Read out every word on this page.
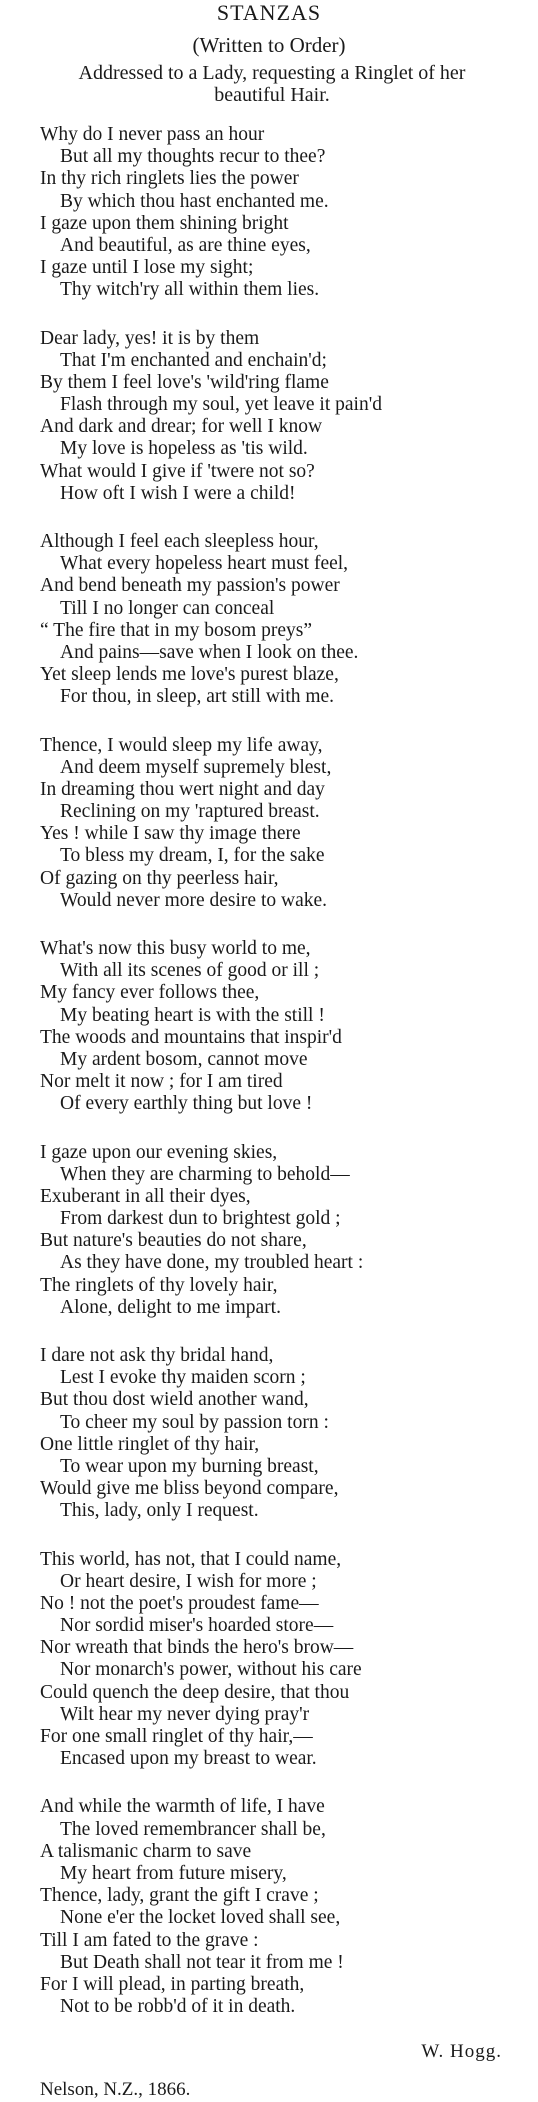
STANZAS
(Written to Order)
Addressed to a Lady, requesting a Ringlet of her
beautiful Hair.
Why do I never pass an hour
But all my thoughts recur to thee?
In thy rich ringlets lies the power
By which thou hast enchanted me.
I gaze upon them shining bright
And beautiful, as are thine eyes,
I gaze until I lose my sight;
Thy witch'ry all within them lies.
Dear lady, yes! it is by them
That I'm enchanted and enchain'd;
By them I feel love's 'wild'ring flame
Flash through my soul, yet leave it pain'd
And dark and drear; for well I know
My love is hopeless as 'tis wild.
What would I give if 'twere not so?
How oft I wish I were a child!
Although I feel each sleepless hour,
What every hopeless heart must feel,
And bend beneath my passion's power
Till I no longer can conceal
“ The fire that in my bosom preys”
And pains—save when I look on thee.
Yet sleep lends me love's purest blaze,
For thou, in sleep, art still with me.
Thence, I would sleep my life away,
And deem myself supremely blest,
In dreaming thou wert night and day
Reclining on my 'raptured breast.
Yes ! while I saw thy image there
To bless my dream, I, for the sake
Of gazing on thy peerless hair,
Would never more desire to wake.
What's now this busy world to me,
With all its scenes of good or ill ;
My fancy ever follows thee,
My beating heart is with the still !
The woods and mountains that inspir'd
My ardent bosom, cannot move
Nor melt it now ; for I am tired
Of every earthly thing but love !
I gaze upon our evening skies,
When they are charming to behold—
Exuberant in all their dyes,
From darkest dun to brightest gold ;
But nature's beauties do not share,
As they have done, my troubled heart :
The ringlets of thy lovely hair,
Alone, delight to me impart.
I dare not ask thy bridal hand,
Lest I evoke thy maiden scorn ;
But thou dost wield another wand,
To cheer my soul by passion torn :
One little ringlet of thy hair,
To wear upon my burning breast,
Would give me bliss beyond compare,
This, lady, only I request.
This world, has not, that I could name,
Or heart desire, I wish for more ;
No ! not the poet's proudest fame—
Nor sordid miser's hoarded store—
Nor wreath that binds the hero's brow—
Nor monarch's power, without his care
Could quench the deep desire, that thou
Wilt hear my never dying pray'r
For one small ringlet of thy hair,—
Encased upon my breast to wear.
And while the warmth of life, I have
The loved remembrancer shall be,
A talismanic charm to save
My heart from future misery,
Thence, lady, grant the gift I crave ;
None e'er the locket loved shall see,
Till I am fated to the grave :
But Death shall not tear it from me !
For I will plead, in parting breath,
Not to be robb'd of it in death.
W. Hogg.
Nelson, N.Z., 1866.
